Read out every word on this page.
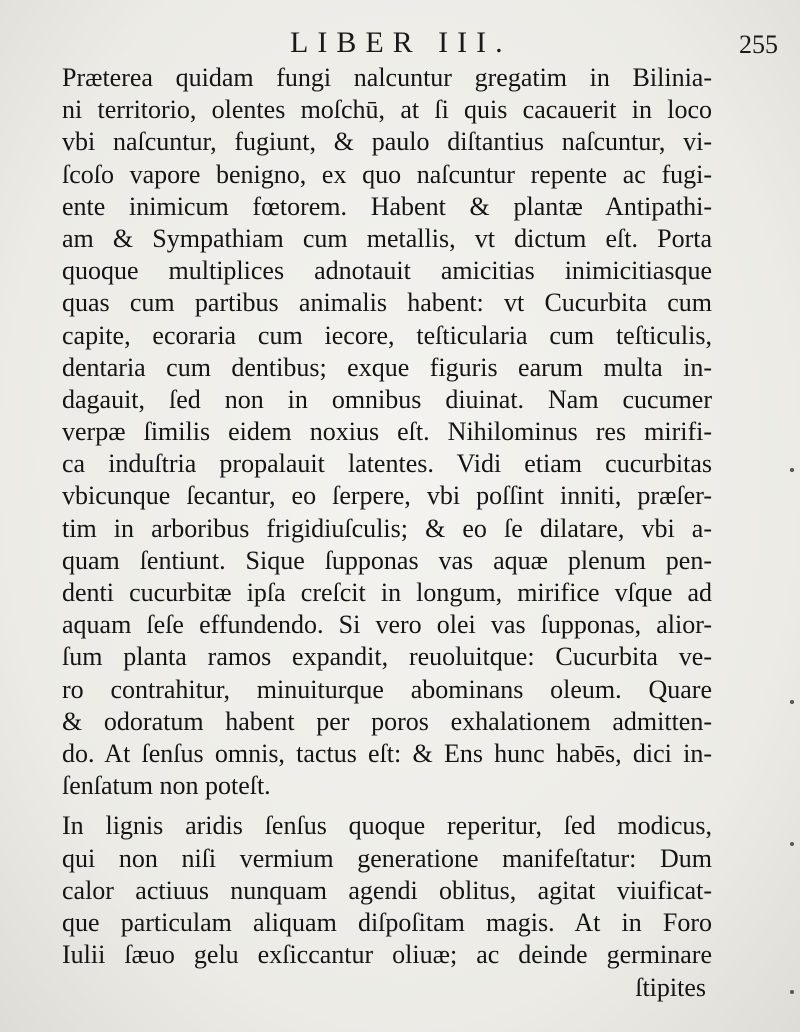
LIBER III.	255
Præterea quidam fungi nalcuntur gregatim in Bilinia-
ni territorio, olentes moſchū, at ſi quis cacauerit in loco
vbi naſcuntur, fugiunt, & paulo diſtantius naſcuntur, vi-
ſcoſo vapore benigno, ex quo naſcuntur repente ac fugi-
ente inimicum fœtorem. Habent & plantæ Antipathi-
am & Sympathiam cum metallis, vt dictum eſt. Porta
quoque multiplices adnotauit amicitias inimicitiasque
quas cum partibus animalis habent: vt Cucurbita cum
capite, ecoraria cum iecore, teſticularia cum teſticulis,
dentaria cum dentibus; exque figuris earum multa in-
dagauit, ſed non in omnibus diuinat. Nam cucumer
verpæ ſimilis eidem noxius eſt. Nihilominus res mirifi-
ca induſtria propalauit latentes. Vidi etiam cucurbitas
vbicunque ſecantur, eo ſerpere, vbi poſſint inniti, præſer-
tim in arboribus frigidiuſculis; & eo ſe dilatare, vbi a-
quam ſentiunt. Sique ſupponas vas aquæ plenum pen-
denti cucurbitæ ipſa creſcit in longum, mirifice vſque ad
aquam ſeſe effundendo. Si vero olei vas ſupponas, alior-
ſum planta ramos expandit, reuoluitque: Cucurbita ve-
ro contrahitur, minuiturque abominans oleum. Quare
& odoratum habent per poros exhalationem admitten-
do. At ſenſus omnis, tactus eſt: & Ens hunc habēs, dici in-
ſenſatum non poteſt.
In lignis aridis ſenſus quoque reperitur, ſed modicus,
qui non niſi vermium generatione manifeſtatur: Dum
calor actiuus nunquam agendi oblitus, agitat viuificat-
que particulam aliquam diſpoſitam magis. At in Foro
Iulii ſæuo gelu exſiccantur oliuæ; ac deinde germinare
ſtipites
